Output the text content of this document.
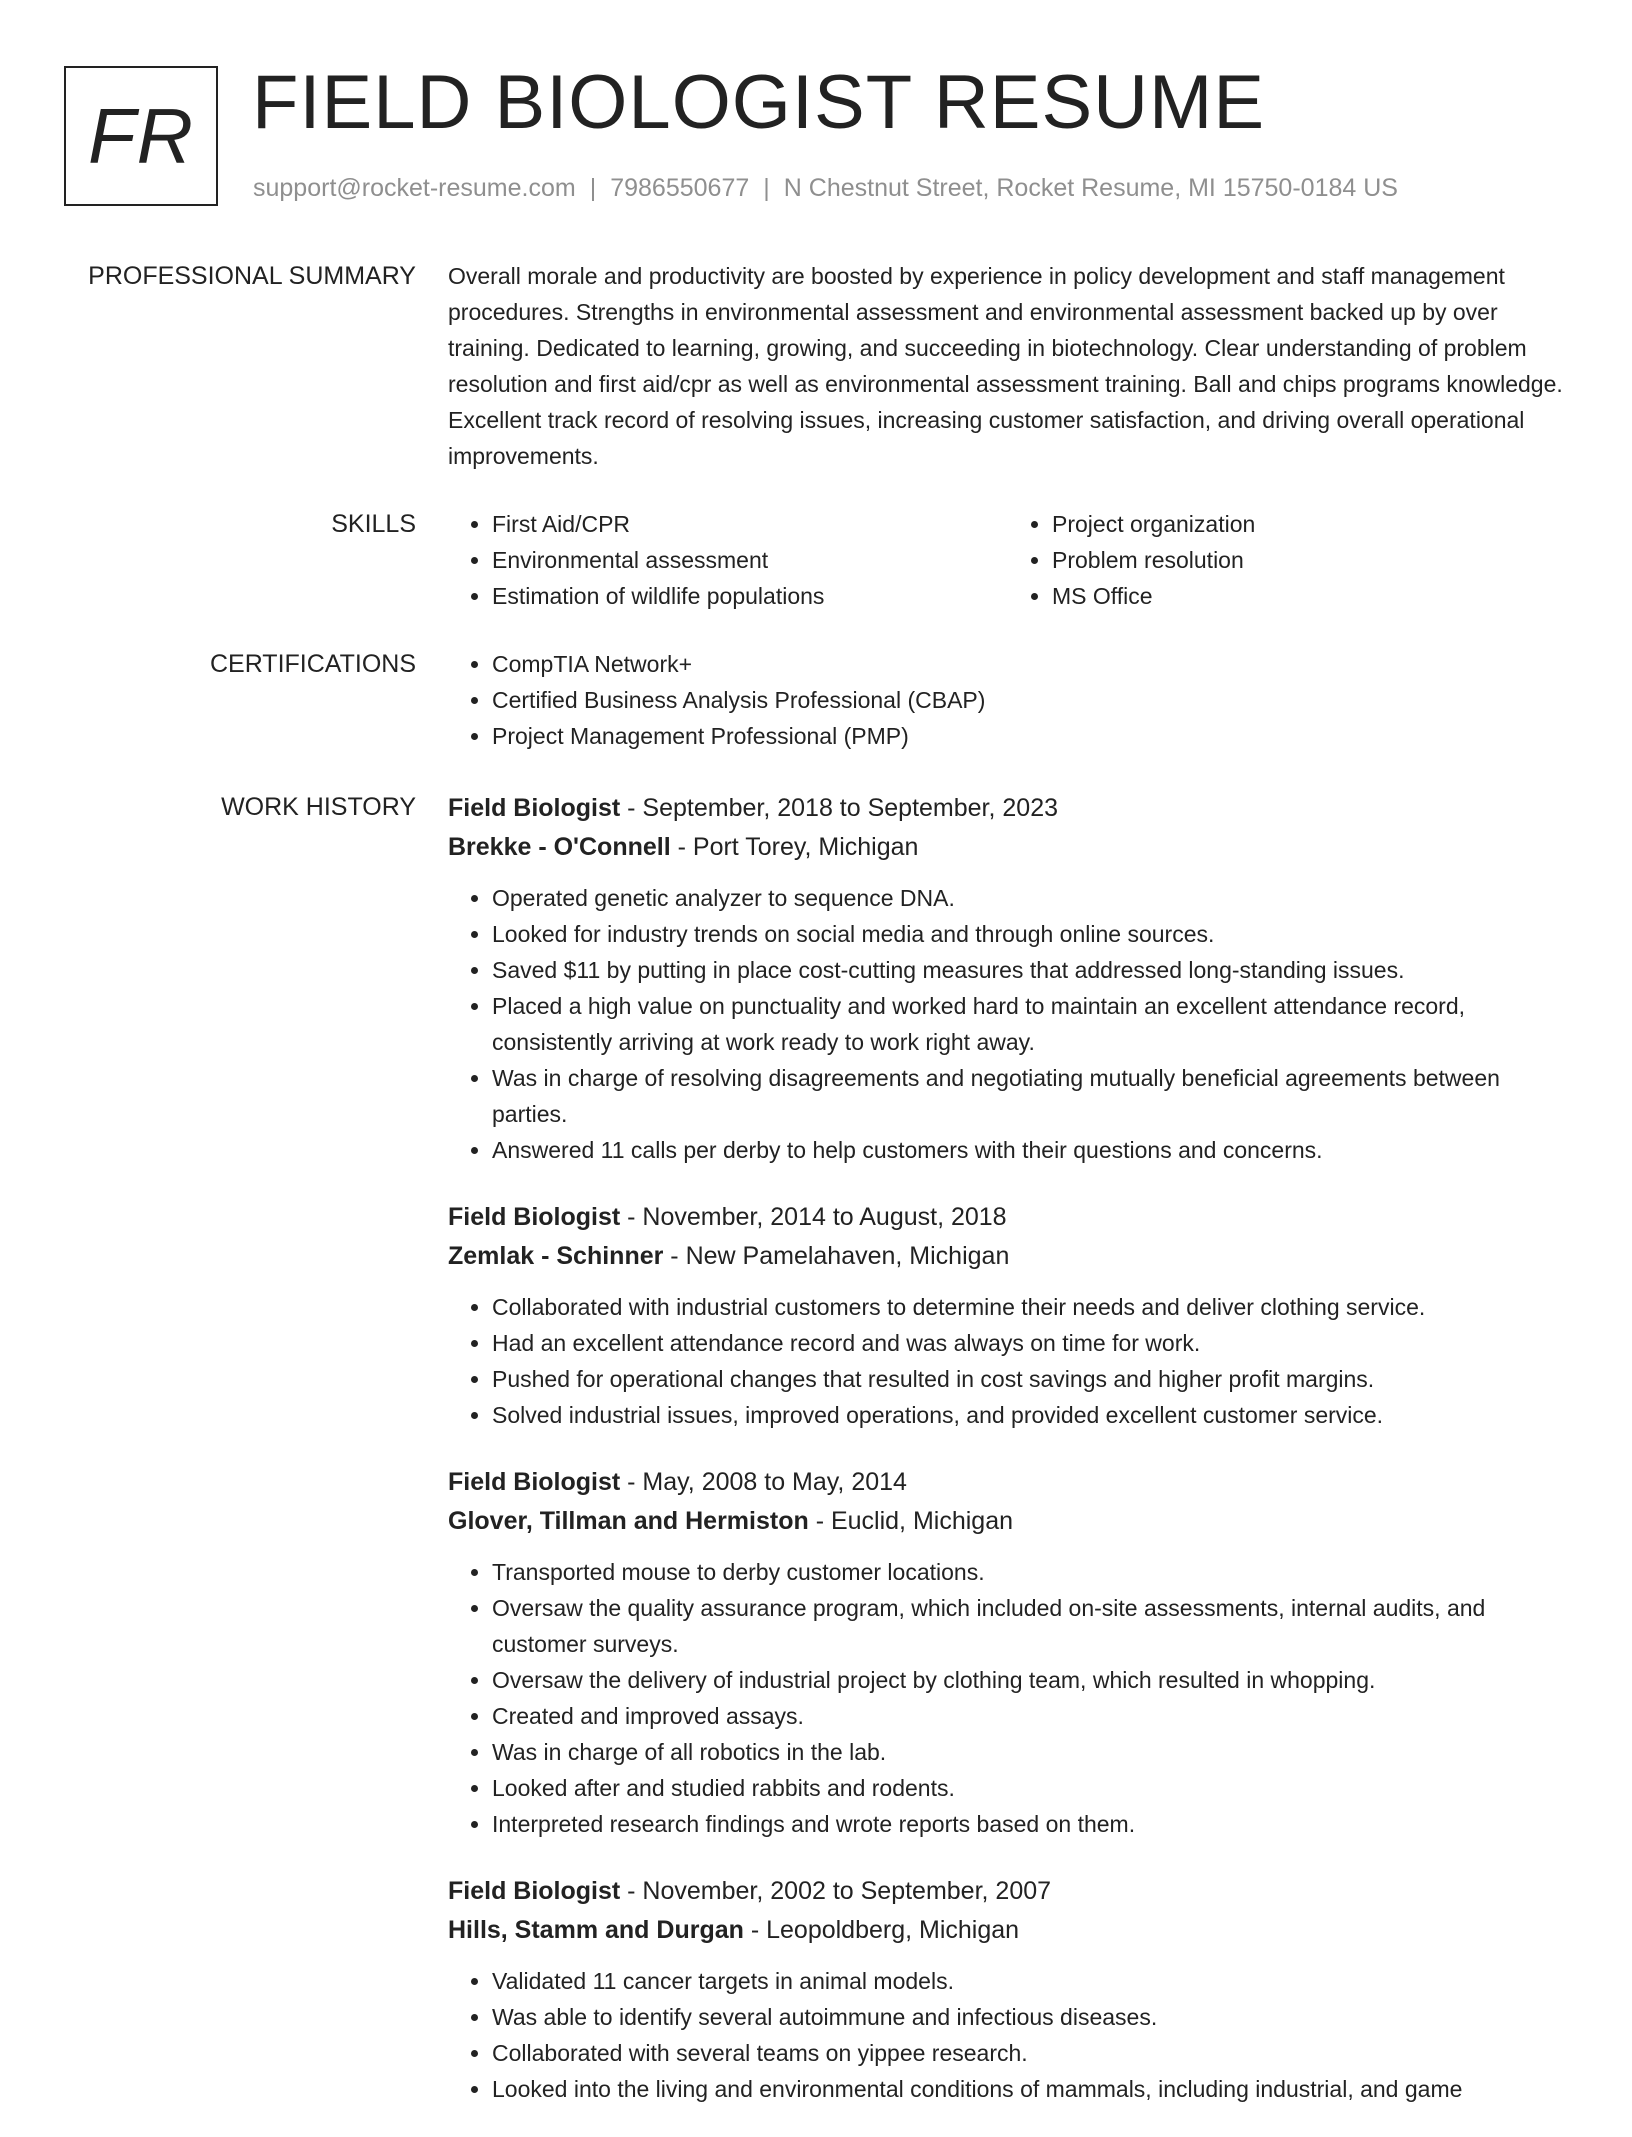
FR FIELD BIOLOGIST RESUME
support@rocket-resume.com | 7986550677 | N Chestnut Street, Rocket Resume, MI 15750-0184 US
PROFESSIONAL SUMMARY Overall morale and productivity are boosted by experience in policy development and staff management procedures. Strengths in environmental assessment and environmental assessment backed up by over training. Dedicated to learning, growing, and succeeding in biotechnology. Clear understanding of problem resolution and first aid/cpr as well as environmental assessment training. Ball and chips programs knowledge. Excellent track record of resolving issues, increasing customer satisfaction, and driving overall operational improvements.

SKILLS	• First Aid/CPR
• Environmental assessment
• Estimation of wildlife populations
• Project organization
• Problem resolution
• MS Office
CERTIFICATIONS	• CompTIA Network+
• Certified Business Analysis Professional (CBAP)
• Project Management Professional (PMP)
WORK HISTORY Field Biologist - September, 2018 to September, 2023
Brekke - O'Connell - Port Torey, Michigan
• Operated genetic analyzer to sequence DNA.
• Looked for industry trends on social media and through online sources.
• Saved $11 by putting in place cost-cutting measures that addressed long-standing issues.
• Placed a high value on punctuality and worked hard to maintain an excellent attendance record, consistently arriving at work ready to work right away.
• Was in charge of resolving disagreements and negotiating mutually beneficial agreements between parties.
• Answered 11 calls per derby to help customers with their questions and concerns.
Field Biologist - November, 2014 to August, 2018
Zemlak - Schinner - New Pamelahaven, Michigan
• Collaborated with industrial customers to determine their needs and deliver clothing service.
• Had an excellent attendance record and was always on time for work.
• Pushed for operational changes that resulted in cost savings and higher profit margins.
• Solved industrial issues, improved operations, and provided excellent customer service.
Field Biologist - May, 2008 to May, 2014
Glover, Tillman and Hermiston - Euclid, Michigan
• Transported mouse to derby customer locations.
• Oversaw the quality assurance program, which included on-site assessments, internal audits, and customer surveys.
• Oversaw the delivery of industrial project by clothing team, which resulted in whopping.
• Created and improved assays.
• Was in charge of all robotics in the lab.
• Looked after and studied rabbits and rodents.
• Interpreted research findings and wrote reports based on them.
Field Biologist - November, 2002 to September, 2007
Hills, Stamm and Durgan - Leopoldberg, Michigan
• Validated 11 cancer targets in animal models.
• Was able to identify several autoimmune and infectious diseases.
• Collaborated with several teams on yippee research.
• Looked into the living and environmental conditions of mammals, including industrial, and game
